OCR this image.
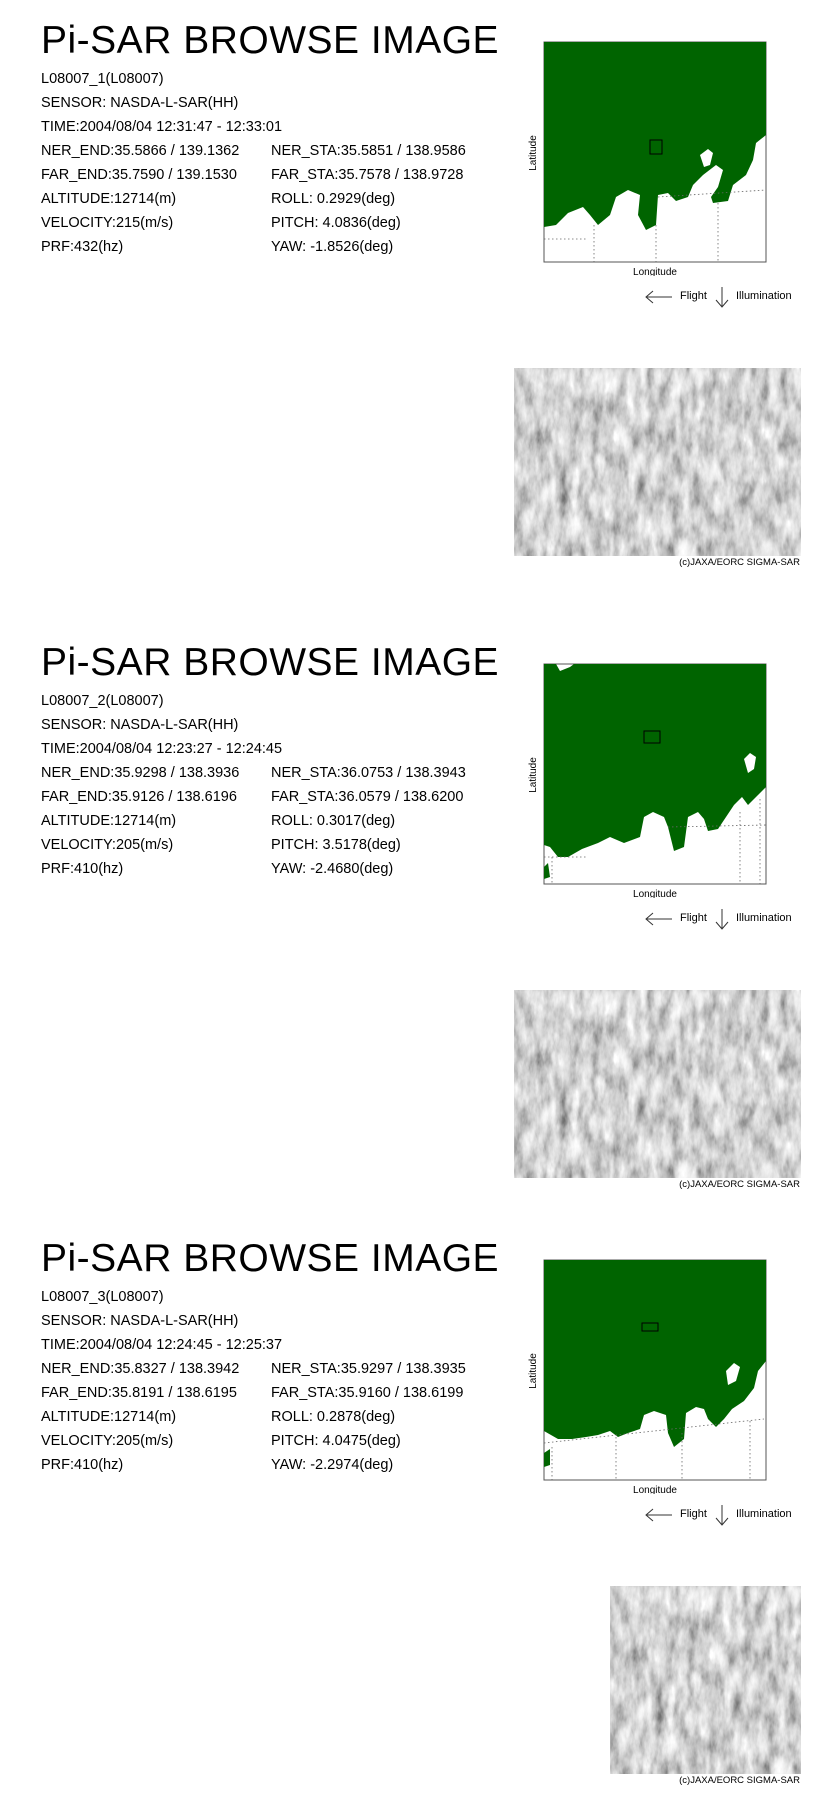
Pi-SAR BROWSE IMAGE
L08007_1(L08007)
SENSOR: NASDA-L-SAR(HH)
TIME:2004/08/04 12:31:47 - 12:33:01
NER_END:35.5866 / 139.1362 NER_STA:35.5851 / 138.9586
FAR_END:35.7590 / 139.1530 FAR_STA:35.7578 / 138.9728
ALTITUDE:12714(m)	ROLL: 0.2929(deg)
VELOCITY:215(m/s)	PITCH: 4.0836(deg)
PRF:432(hz)	YAW: -1.8526(deg)
Latitude
Longitude
Flight	Illumination
(c)JAXA/EORC SIGMA-SAR
Pi-SAR BROWSE IMAGE
L08007_2(L08007)
SENSOR: NASDA-L-SAR(HH)
TIME:2004/08/04 12:23:27 - 12:24:45
NER_END:35.9298 / 138.3936 NER_STA:36.0753 / 138.3943
FAR_END:35.9126 / 138.6196 FAR_STA:36.0579 / 138.6200
ALTITUDE:12714(m)	ROLL: 0.3017(deg)
VELOCITY:205(m/s)	PITCH: 3.5178(deg)
PRF:410(hz)	YAW: -2.4680(deg)
Latitude
Longitude
Flight	Illumination
(c)JAXA/EORC SIGMA-SAR
Pi-SAR BROWSE IMAGE
L08007_3(L08007)
SENSOR: NASDA-L-SAR(HH)
TIME:2004/08/04 12:24:45 - 12:25:37
NER_END:35.8327 / 138.3942 NER_STA:35.9297 / 138.3935
FAR_END:35.8191 / 138.6195 FAR_STA:35.9160 / 138.6199
ALTITUDE:12714(m)	ROLL: 0.2878(deg)
VELOCITY:205(m/s)	PITCH: 4.0475(deg)
PRF:410(hz)	YAW: -2.2974(deg)
Latitude
Longitude
Flight	Illumination
(c)JAXA/EORC SIGMA-SAR
